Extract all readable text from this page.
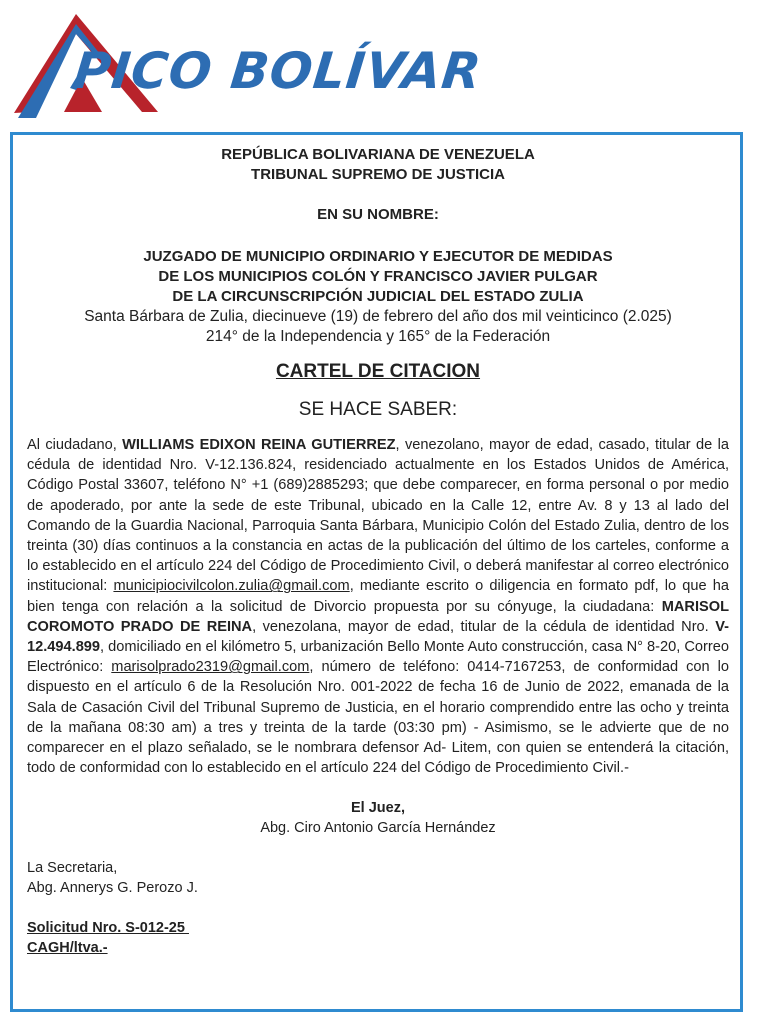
PICO BOLÍVAR
REPÚBLICA BOLIVARIANA DE VENEZUELA
TRIBUNAL SUPREMO DE JUSTICIA
EN SU NOMBRE:
JUZGADO DE MUNICIPIO ORDINARIO Y EJECUTOR DE MEDIDAS
DE LOS MUNICIPIOS COLÓN Y FRANCISCO JAVIER PULGAR
DE LA CIRCUNSCRIPCIÓN JUDICIAL DEL ESTADO ZULIA
Santa Bárbara de Zulia, diecinueve (19) de febrero del año dos mil veinticinco (2.025)
214° de la Independencia y 165° de la Federación
CARTEL DE CITACION
SE HACE SABER:
Al ciudadano, WILLIAMS EDIXON REINA GUTIERREZ, venezolano, mayor de edad, casado, titular de la cédula de identidad Nro. V-12.136.824, residenciado actualmente en los Estados Unidos de América, Código Postal 33607, teléfono N° +1 (689)2885293; que debe comparecer, en forma personal o por medio de apoderado, por ante la sede de este Tribunal, ubicado en la Calle 12, entre Av. 8 y 13 al lado del Comando de la Guardia Nacional, Parroquia Santa Bárbara, Municipio Colón del Estado Zulia, dentro de los treinta (30) días continuos a la constancia en actas de la publicación del último de los carteles, conforme a lo establecido en el artículo 224 del Código de Procedimiento Civil, o deberá manifestar al correo electrónico institucional: municipiocivilcolon.zulia@gmail.com, mediante escrito o diligencia en formato pdf, lo que ha bien tenga con relación a la solicitud de Divorcio propuesta por su cónyuge, la ciudadana: MARISOL COROMOTO PRADO DE REINA, venezolana, mayor de edad, titular de la cédula de identidad Nro. V- 12.494.899, domiciliado en el kilómetro 5, urbanización Bello Monte Auto construcción, casa N° 8-20, Correo Electrónico: marisolprado2319@gmail.com, número de teléfono: 0414-7167253, de conformidad con lo dispuesto en el artículo 6 de la Resolución Nro. 001-2022 de fecha 16 de Junio de 2022, emanada de la Sala de Casación Civil del Tribunal Supremo de Justicia, en el horario comprendido entre las ocho y treinta de la mañana 08:30 am) a tres y treinta de la tarde (03:30 pm) - Asimismo, se le advierte que de no comparecer en el plazo señalado, se le nombrara defensor Ad- Litem, con quien se entenderá la citación, todo de conformidad con lo establecido en el artículo 224 del Código de Procedimiento Civil.-
El Juez,
Abg. Ciro Antonio García Hernández
La Secretaria,
Abg. Annerys G. Perozo J.
Solicitud Nro. S-012-25
CAGH/ltva.-
